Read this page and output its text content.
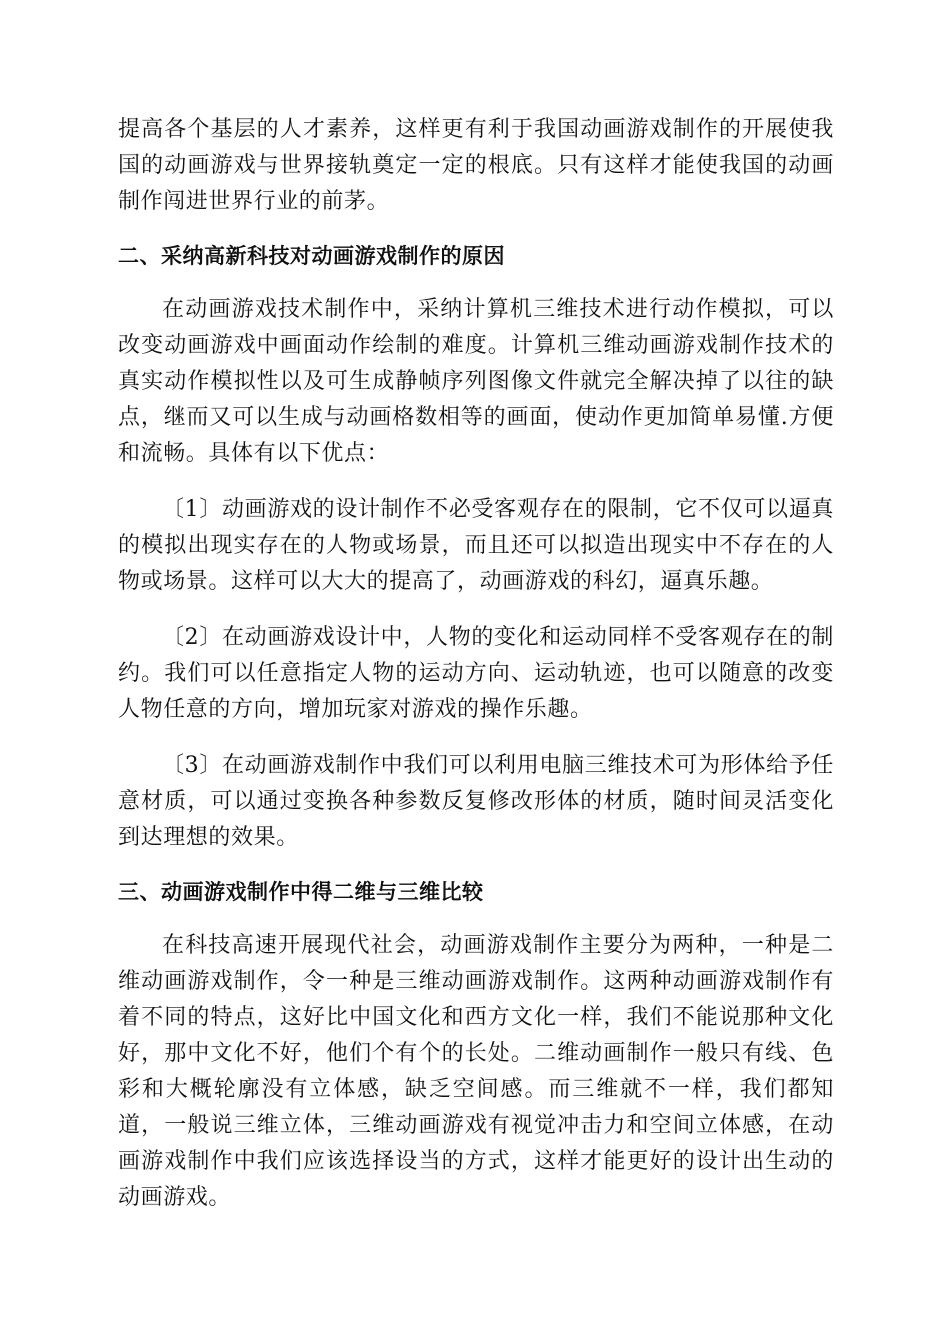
提高各个基层的人才素养，这样更有利于我国动画游戏制作的开展使我国的动画游戏与世界接轨奠定一定的根底。只有这样才能使我国的动画制作闯进世界行业的前茅。

二、采纳高新科技对动画游戏制作的原因

在动画游戏技术制作中，采纳计算机三维技术进行动作模拟，可以改变动画游戏中画面动作绘制的难度。计算机三维动画游戏制作技术的真实动作模拟性以及可生成静帧序列图像文件就完全解决掉了以往的缺点，继而又可以生成与动画格数相等的画面，使动作更加简单易懂.方便和流畅。具体有以下优点：

〔1〕动画游戏的设计制作不必受客观存在的限制，它不仅可以逼真的模拟出现实存在的人物或场景，而且还可以拟造出现实中不存在的人物或场景。这样可以大大的提高了，动画游戏的科幻，逼真乐趣。

〔2〕在动画游戏设计中，人物的变化和运动同样不受客观存在的制约。我们可以任意指定人物的运动方向、运动轨迹，也可以随意的改变人物任意的方向，增加玩家对游戏的操作乐趣。

〔3〕在动画游戏制作中我们可以利用电脑三维技术可为形体给予任意材质，可以通过变换各种参数反复修改形体的材质，随时间灵活变化到达理想的效果。

三、动画游戏制作中得二维与三维比较

在科技高速开展现代社会，动画游戏制作主要分为两种，一种是二维动画游戏制作，令一种是三维动画游戏制作。这两种动画游戏制作有着不同的特点，这好比中国文化和西方文化一样，我们不能说那种文化好，那中文化不好，他们个有个的长处。二维动画制作一般只有线、色彩和大概轮廓没有立体感，缺乏空间感。而三维就不一样，我们都知道，一般说三维立体，三维动画游戏有视觉冲击力和空间立体感，在动画游戏制作中我们应该选择设当的方式，这样才能更好的设计出生动的动画游戏。
